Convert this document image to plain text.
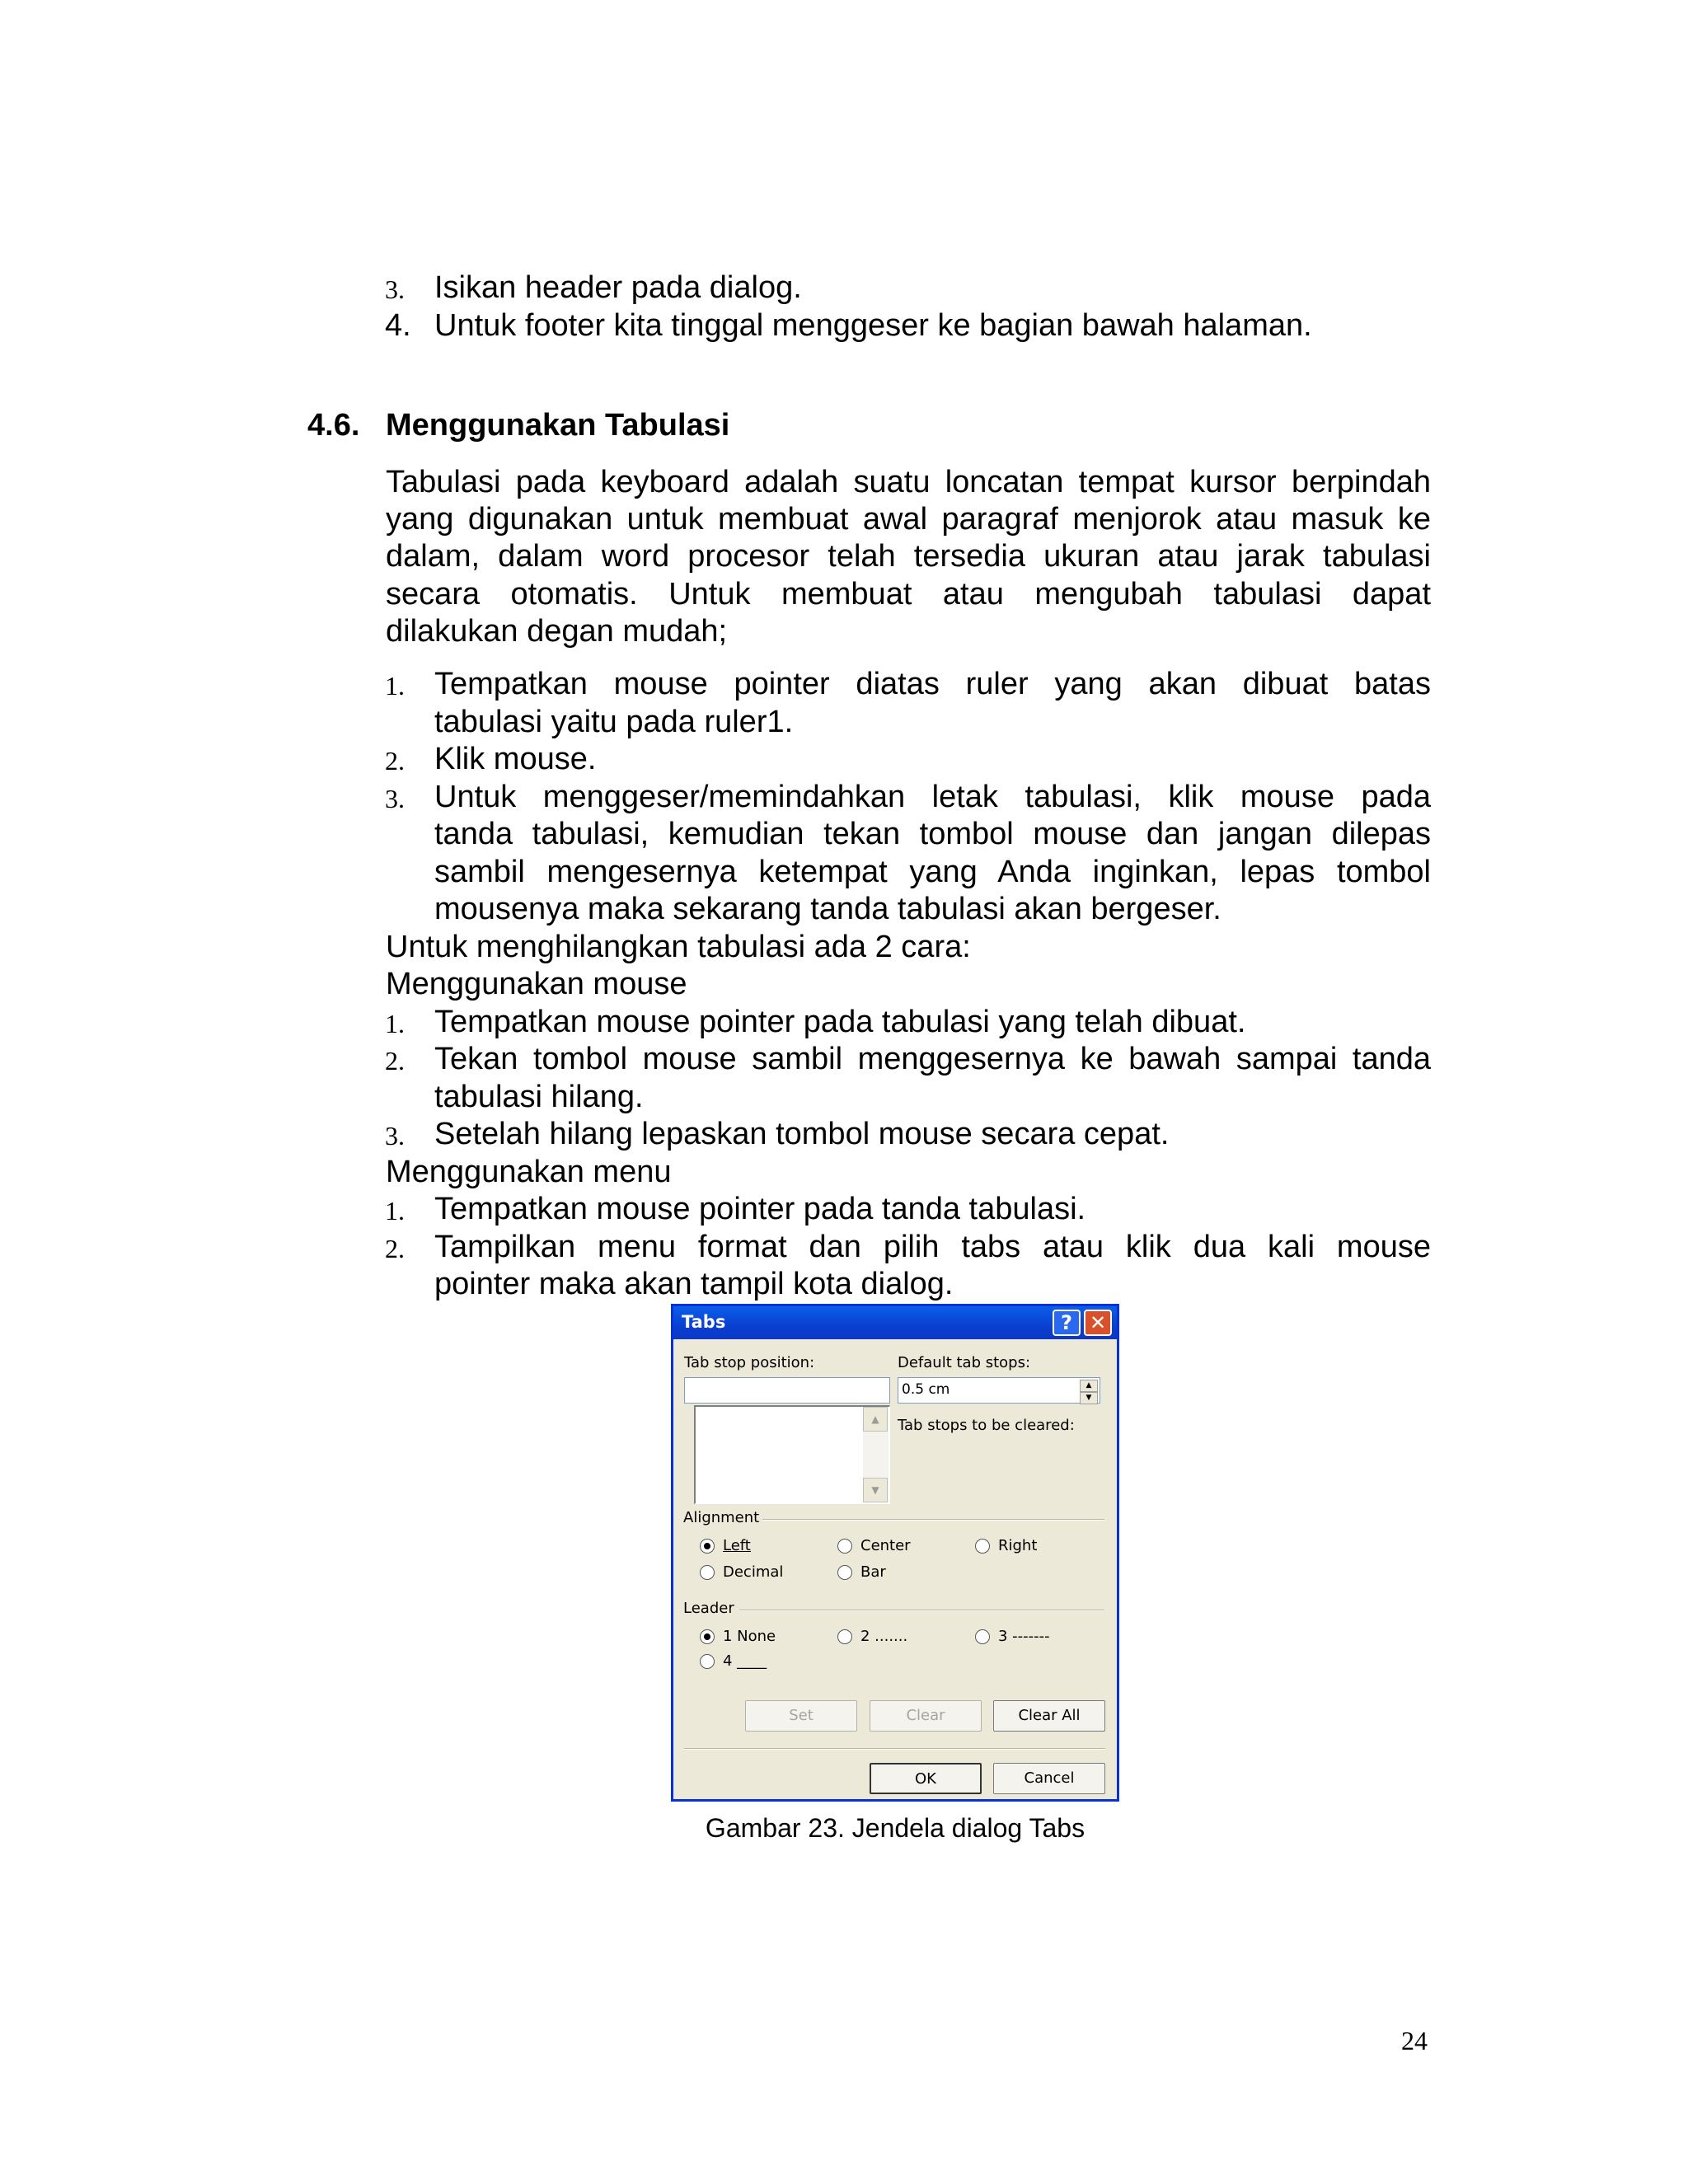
3. Isikan header pada dialog.
4. Untuk footer kita tinggal menggeser ke bagian bawah halaman.
4.6. Menggunakan Tabulasi
Tabulasi pada keyboard adalah suatu loncatan tempat kursor berpindah
yang digunakan untuk membuat awal paragraf menjorok atau masuk ke
dalam, dalam word procesor telah tersedia ukuran atau jarak tabulasi
secara otomatis. Untuk membuat atau mengubah tabulasi dapat
dilakukan degan mudah;
1. Tempatkan mouse pointer diatas ruler yang akan dibuat batas
tabulasi yaitu pada ruler1.
2. Klik mouse.
3. Untuk menggeser/memindahkan letak tabulasi, klik mouse pada
tanda tabulasi, kemudian tekan tombol mouse dan jangan dilepas
sambil mengesernya ketempat yang Anda inginkan, lepas tombol
mousenya maka sekarang tanda tabulasi akan bergeser.
Untuk menghilangkan tabulasi ada 2 cara:
Menggunakan mouse
1. Tempatkan mouse pointer pada tabulasi yang telah dibuat.
2. Tekan tombol mouse sambil menggesernya ke bawah sampai tanda
tabulasi hilang.
3. Setelah hilang lepaskan tombol mouse secara cepat.
Menggunakan menu
1. Tempatkan mouse pointer pada tanda tabulasi.
2. Tampilkan menu format dan pilih tabs atau klik dua kali mouse
pointer maka akan tampil kota dialog.
Tabs	? ✕
Tab stop position:	Default tab stops:
0.5 cm	▲
▼
▲
▼
Tab stops to be cleared:
Alignment
Left	Center	Right
Decimal	Bar
Leader
1 None	2 .......	3 -------
4 ____
Set	Clear	Clear All
OK	Cancel
Gambar 23. Jendela dialog Tabs
24
